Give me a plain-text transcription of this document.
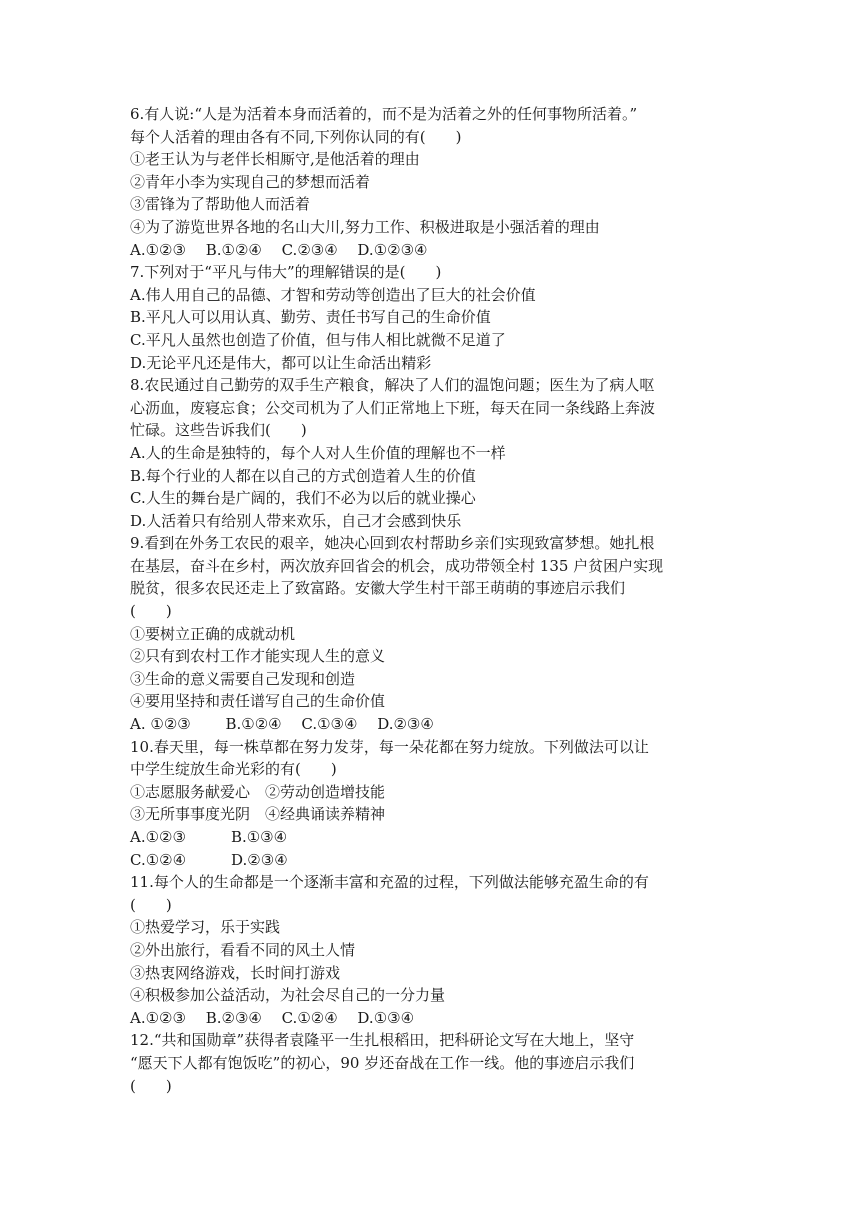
6.有人说:“人是为活着本身而活着的，而不是为活着之外的任何事物所活着。”
每个人活着的理由各有不同,下列你认同的有(　　)
①老王认为与老伴长相厮守,是他活着的理由
②青年小李为实现自己的梦想而活着
③雷锋为了帮助他人而活着
④为了游览世界各地的名山大川,努力工作、积极进取是小强活着的理由
A.①②③　 B.①②④　 C.②③④　 D.①②③④
7.下列对于“平凡与伟大”的理解错误的是(　　)
A.伟人用自己的品德、才智和劳动等创造出了巨大的社会价值
B.平凡人可以用认真、勤劳、责任书写自己的生命价值
C.平凡人虽然也创造了价值，但与伟人相比就微不足道了
D.无论平凡还是伟大，都可以让生命活出精彩
8.农民通过自己勤劳的双手生产粮食，解决了人们的温饱问题；医生为了病人呕
心沥血，废寝忘食；公交司机为了人们正常地上下班，每天在同一条线路上奔波
忙碌。这些告诉我们(　　)
A.人的生命是独特的，每个人对人生价值的理解也不一样
B.每个行业的人都在以自己的方式创造着人生的价值
C.人生的舞台是广阔的，我们不必为以后的就业操心
D.人活着只有给别人带来欢乐，自己才会感到快乐
9.看到在外务工农民的艰辛，她决心回到农村帮助乡亲们实现致富梦想。她扎根
在基层，奋斗在乡村，两次放弃回省会的机会，成功带领全村 135 户贫困户实现
脱贫，很多农民还走上了致富路。安徽大学生村干部王萌萌的事迹启示我们
(　　)
①要树立正确的成就动机
②只有到农村工作才能实现人生的意义
③生命的意义需要自己发现和创造
④要用坚持和责任谱写自己的生命价值
A. ①②③　　 B.①②④　 C.①③④　 D.②③④
10.春天里，每一株草都在努力发芽，每一朵花都在努力绽放。下列做法可以让
中学生绽放生命光彩的有(　　)
①志愿服务献爱心　②劳动创造增技能
③无所事事度光阴　④经典诵读养精神
A.①②③　　　B.①③④
C.①②④　　　D.②③④
11.每个人的生命都是一个逐渐丰富和充盈的过程，下列做法能够充盈生命的有
(　　)
①热爱学习，乐于实践
②外出旅行，看看不同的风土人情
③热衷网络游戏，长时间打游戏
④积极参加公益活动，为社会尽自己的一分力量
A.①②③　 B.②③④　 C.①②④　 D.①③④
12.“共和国勋章”获得者袁隆平一生扎根稻田，把科研论文写在大地上，坚守
“愿天下人都有饱饭吃”的初心，90 岁还奋战在工作一线。他的事迹启示我们
(　　)
